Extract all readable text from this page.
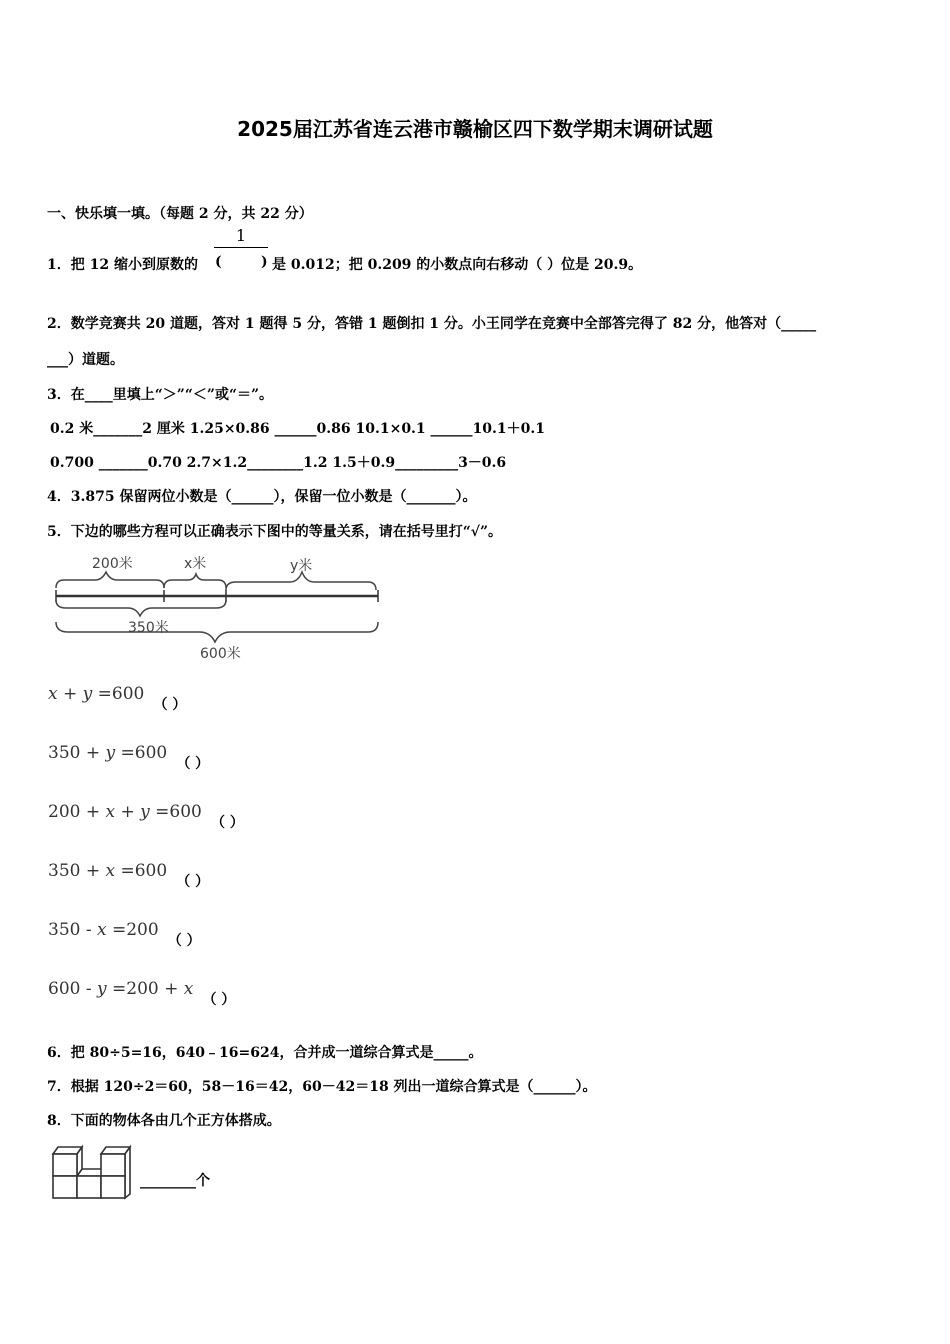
2025届江苏省连云港市赣榆区四下数学期末调研试题
一、快乐填一填。（每题 2 分，共 22 分）
1．把 12 缩小到原数的
1
(	) 是 0.012；把 0.209 的小数点向右移动（ ）位是 20.9。
2．数学竞赛共 20 道题，答对 1 题得 5 分，答错 1 题倒扣 1 分。小王同学在竞赛中全部答完得了 82 分，他答对（_____
___）道题。
3．在____里填上“＞”“＜”或“＝”。
0.2 米_______2 厘米 1.25×0.86 ______0.86 10.1×0.1 ______10.1＋0.1
0.700 _______0.70 2.7×1.2________1.2 1.5＋0.9_________3－0.6
4．3.875 保留两位小数是（______），保留一位小数是（_______）。
5．下边的哪些方程可以正确表示下图中的等量关系，请在括号里打“√”。
200米	x米	y米
350米
600米
x + y =600 （ ）
350 + y =600 （ ）
200 + x + y =600 （ ）
350 + x =600 （ ）
350 - x =200 （ ）
600 - y =200 + x （ ）
6．把 80÷5=16，640﹣16=624，合并成一道综合算式是_____。
7．根据 120÷2＝60，58－16＝42，60－42＝18 列出一道综合算式是（______）。
8．下面的物体各由几个正方体搭成。
________个
